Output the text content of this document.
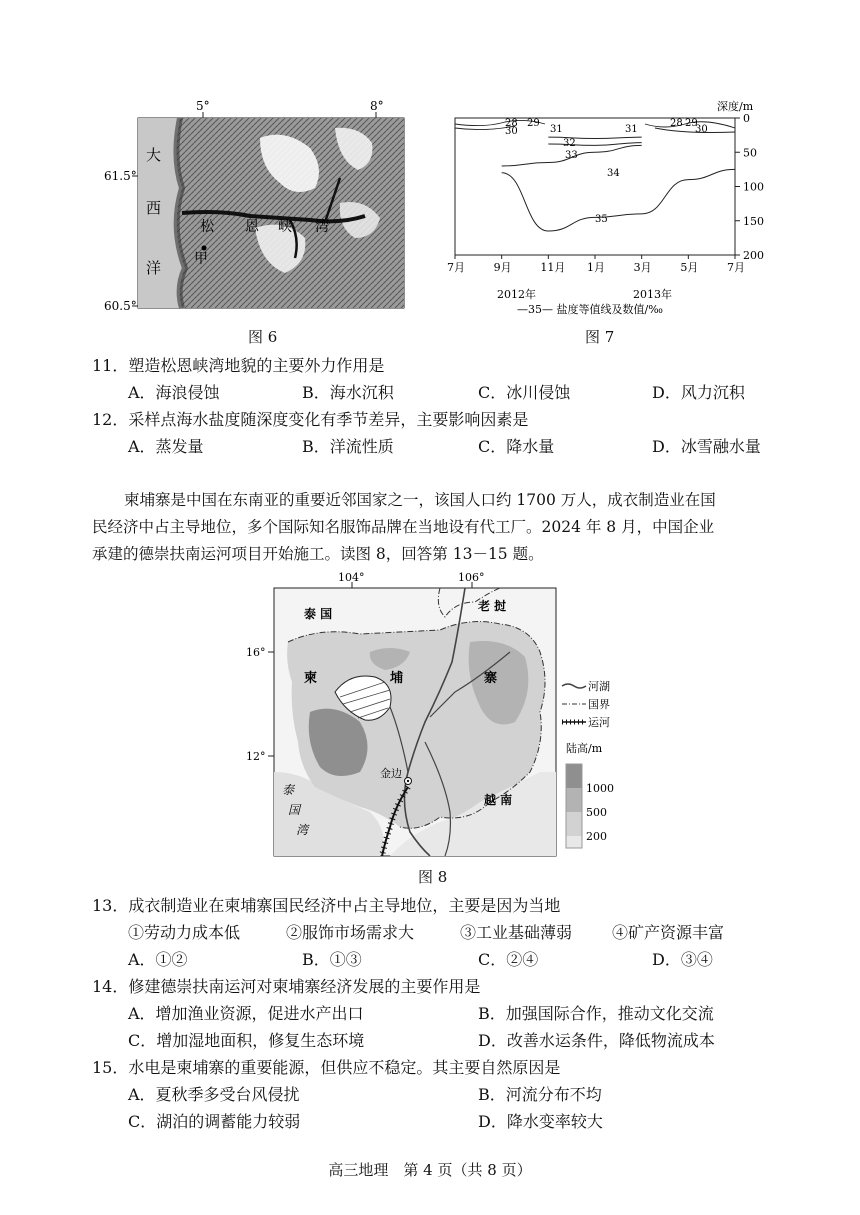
5°	8°
61.5°
60.5°
大
西
洋
松 恩 峡 湾
甲
图 6
28 29
30	31	31
28 29
30
32
33
34
35
深度/m
0
50
100
150
200
7月	9月	11月 1月	3月	5月	7月
2012年	2013年
—35— 盐度等值线及数值/‰
图 7
11．塑造松恩峡湾地貌的主要外力作用是
A．海浪侵蚀	B．海水沉积	C．冰川侵蚀	D．风力沉积
12．采样点海水盐度随深度变化有季节差异，主要影响因素是
A．蒸发量	B．洋流性质	C．降水量	D．冰雪融水量
柬埔寨是中国在东南亚的重要近邻国家之一，该国人口约 1700 万人，成衣制造业在国
民经济中占主导地位，多个国际知名服饰品牌在当地设有代工厂。2024 年 8 月，中国企业
承建的德崇扶南运河项目开始施工。读图 8，回答第 13－15 题。
金边
泰 国
老 挝
柬	埔	寨
越 南
泰
国
湾
104°	106°
16°
12°
河湖
国界
运河
陆高/m
1000
500
200
图 8
13．成衣制造业在柬埔寨国民经济中占主导地位，主要是因为当地
①劳动力成本低	②服饰市场需求大	③工业基础薄弱 ④矿产资源丰富
A．①②	B．①③	C．②④	D．③④
14．修建德崇扶南运河对柬埔寨经济发展的主要作用是
A．增加渔业资源，促进水产出口	B．加强国际合作，推动文化交流
C．增加湿地面积，修复生态环境	D．改善水运条件，降低物流成本
15．水电是柬埔寨的重要能源，但供应不稳定。其主要自然原因是
A．夏秋季多受台风侵扰	B．河流分布不均
C．湖泊的调蓄能力较弱	D．降水变率较大
高三地理　第 4 页（共 8 页）
